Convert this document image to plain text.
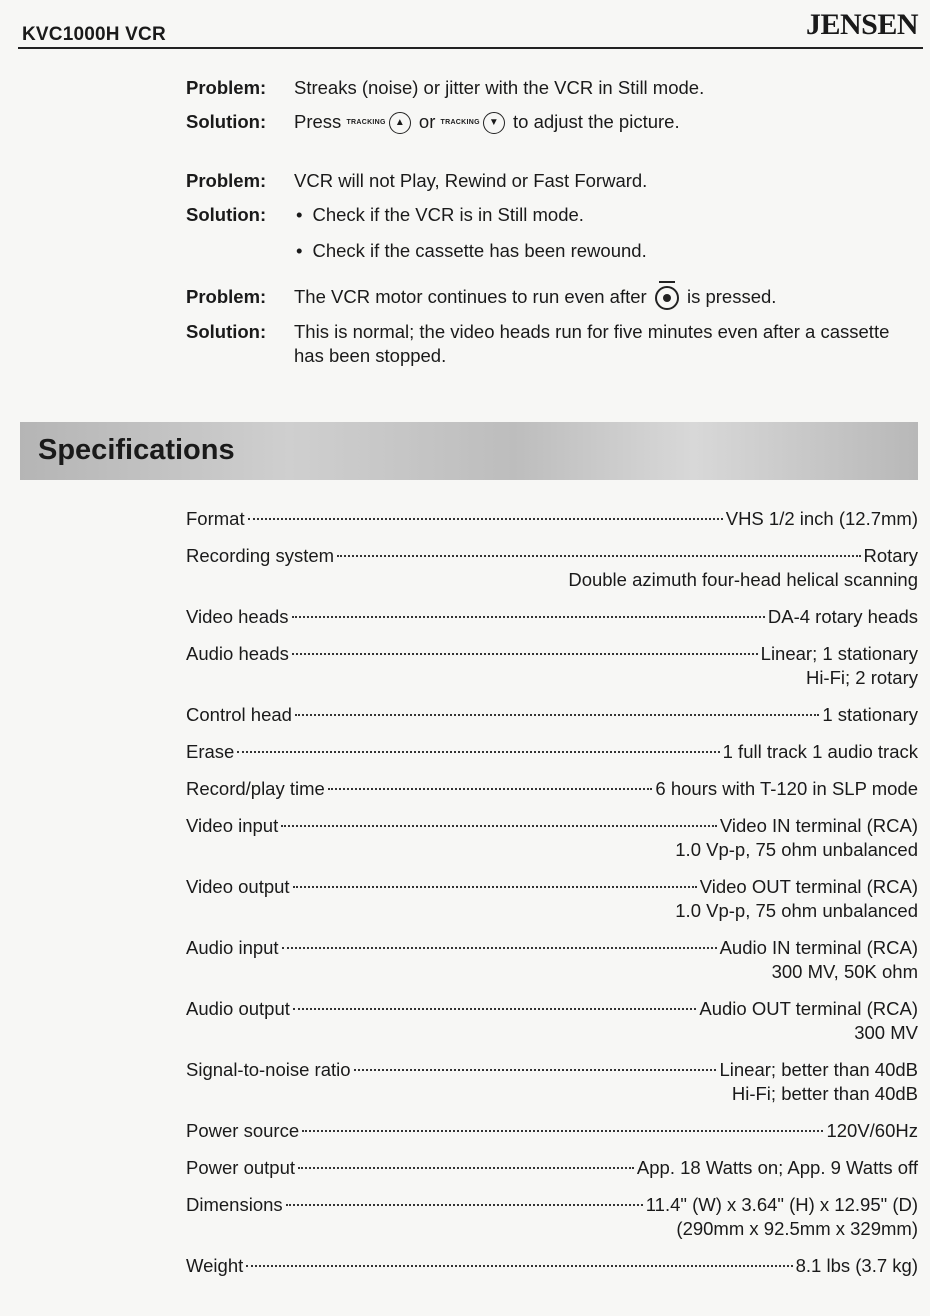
KVC1000H VCR	JENSEN
Problem:	Streaks (noise) or jitter with the VCR in Still mode.
Solution:	Press TRACKING ▲ or TRACKING ▼ to adjust the picture.
Problem:	VCR will not Play, Rewind or Fast Forward.
Solution:
•	Check if the VCR is in Still mode.
• Check if the cassette has been rewound.
Problem:	The VCR motor continues to run even after is pressed.
Solution:	This is normal; the video heads run for five minutes even after a cassette has been stopped.
Specifications
Format	VHS 1/2 inch (12.7mm)
Recording system	Rotary
Double azimuth four-head helical scanning
Video heads	DA-4 rotary heads
Audio heads	Linear; 1 stationary
Hi-Fi; 2 rotary
Control head	1 stationary
Erase	1 full track 1 audio track
Record/play time	6 hours with T-120 in SLP mode
Video input	Video IN terminal (RCA)
1.0 Vp-p, 75 ohm unbalanced
Video output	Video OUT terminal (RCA)
1.0 Vp-p, 75 ohm unbalanced
Audio input	Audio IN terminal (RCA)
300 MV, 50K ohm
Audio output	Audio OUT terminal (RCA)
300 MV
Signal-to-noise ratio	Linear; better than 40dB
Hi-Fi; better than 40dB
Power source	120V/60Hz
Power output	App. 18 Watts on; App. 9 Watts off
Dimensions	11.4" (W) x 3.64" (H) x 12.95" (D)
(290mm x 92.5mm x 329mm)
Weight	8.1 lbs (3.7 kg)
